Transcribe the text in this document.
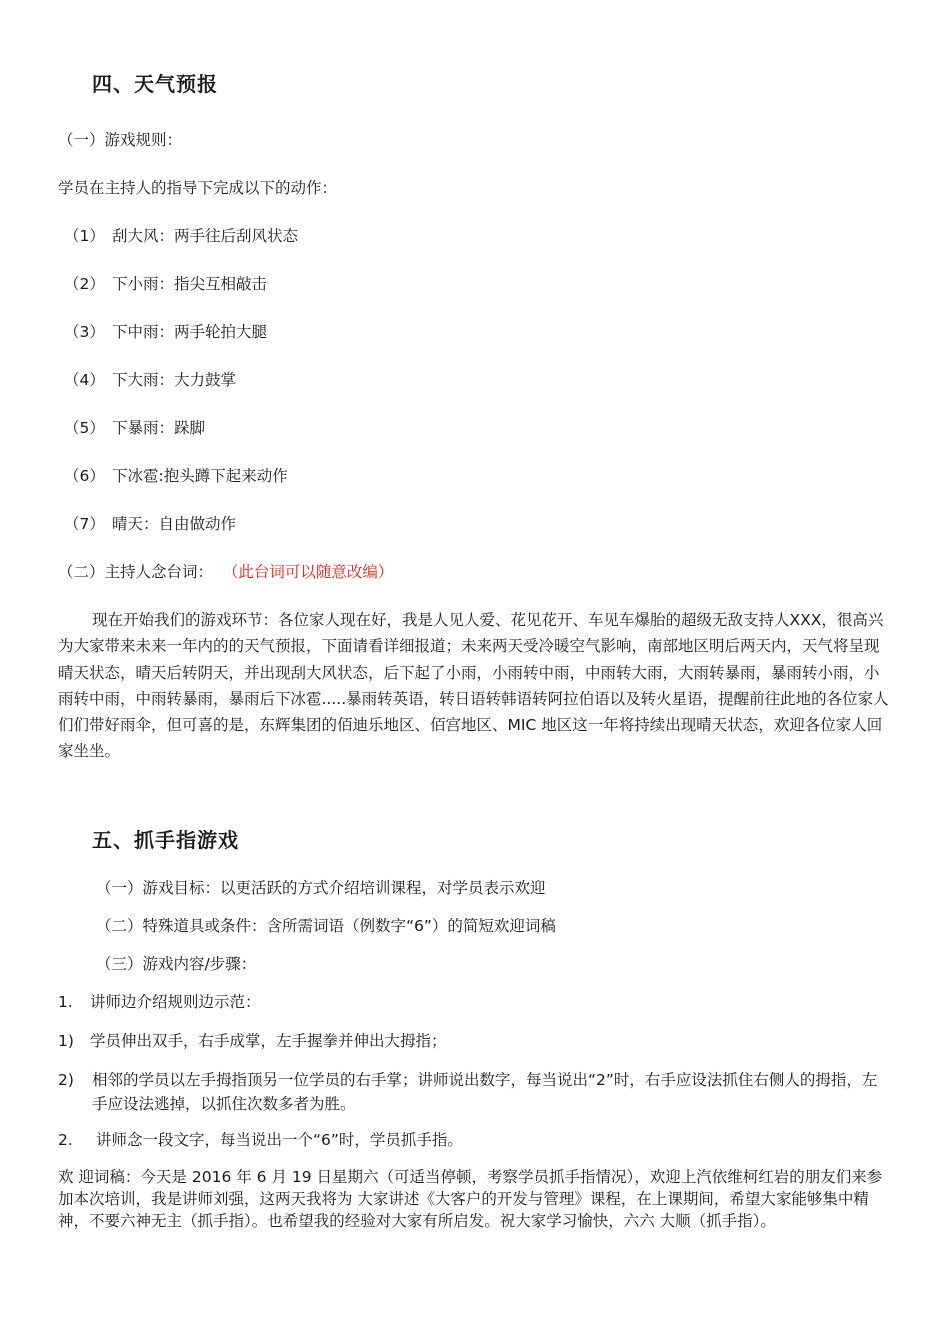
四、天气预报
（一）游戏规则：
学员在主持人的指导下完成以下的动作：
（1） 刮大风：两手往后刮风状态
（2） 下小雨：指尖互相敲击
（3） 下中雨：两手轮拍大腿
（4） 下大雨：大力鼓掌
（5） 下暴雨：跺脚
（6） 下冰雹:抱头蹲下起来动作
（7） 晴天：自由做动作
（二）主持人念台词： （此台词可以随意改编）
现在开始我们的游戏环节：各位家人现在好，我是人见人爱、花见花开、车见车爆胎的超级无敌支持人XXX，很高兴为大家带来未来一年内的的天气预报，下面请看详细报道；未来两天受冷暖空气影响，南部地区明后两天内，天气将呈现晴天状态，晴天后转阴天，并出现刮大风状态，后下起了小雨，小雨转中雨，中雨转大雨，大雨转暴雨，暴雨转小雨，小雨转中雨，中雨转暴雨，暴雨后下冰雹.....暴雨转英语，转日语转韩语转阿拉伯语以及转火星语，提醒前往此地的各位家人们们带好雨伞，但可喜的是，东辉集团的佰迪乐地区、佰宫地区、MIC 地区这一年将持续出现晴天状态，欢迎各位家人回家坐坐。
五、抓手指游戏
（一）游戏目标：以更活跃的方式介绍培训课程，对学员表示欢迎
（二）特殊道具或条件：含所需词语（例数字“6”）的简短欢迎词稿
（三）游戏内容/步骤：
1. 讲师边介绍规则边示范：
1) 学员伸出双手，右手成掌，左手握拳并伸出大拇指；
2) 相邻的学员以左手拇指顶另一位学员的右手掌；讲师说出数字，每当说出“2”时，右手应设法抓住右侧人的拇指，左手应设法逃掉，以抓住次数多者为胜。
2. 讲师念一段文字，每当说出一个“6”时，学员抓手指。
欢 迎词稿：今天是 2016 年 6 月 19 日星期六（可适当停顿，考察学员抓手指情况），欢迎上汽依维柯红岩的朋友们来参加本次培训，我是讲师刘强，这两天我将为 大家讲述《大客户的开发与管理》课程，在上课期间，希望大家能够集中精神，不要六神无主（抓手指）。也希望我的经验对大家有所启发。祝大家学习愉快，六六 大顺（抓手指）。
